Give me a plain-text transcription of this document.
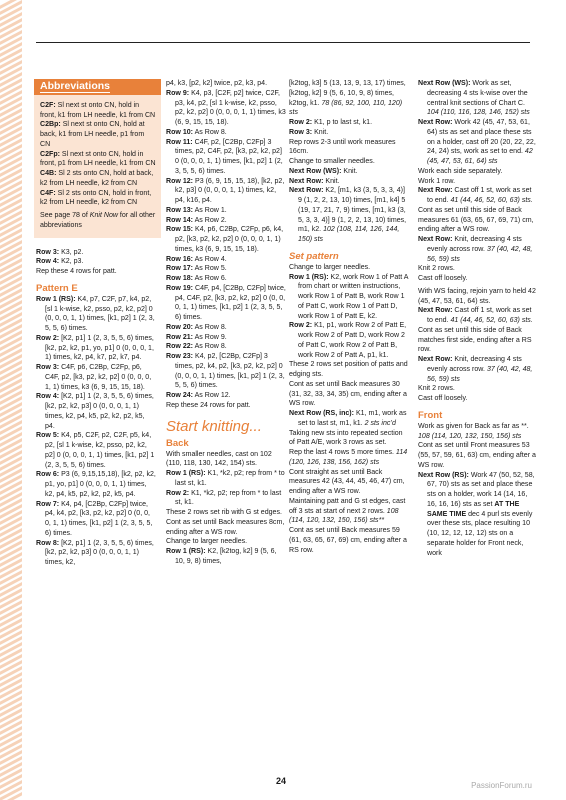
Abbreviations

C2F: Sl next st onto CN, hold in front, k1 from LH needle, k1 from CN

C2Bp: Sl next st onto CN, hold at back, k1 from LH needle, p1 from CN

C2Fp: Sl next st onto CN, hold in front, p1 from LH needle, k1 from CN

C4B: Sl 2 sts onto CN, hold at back, k2 from LH needle, k2 from CN

C4F: Sl 2 sts onto CN, hold in front, k2 from LH needle, k2 from CN

See page 78 of Knit Now for all other abbreviations

Row 3: K3, p2.

Row 4: K2, p3.

Rep these 4 rows for patt.

Pattern E

Row 1 (RS): K4, p7, C2F, p7, k4, p2, [sl 1 k-wise, k2, psso, p2, k2, p2] 0 (0, 0, 0, 1, 1) times, [k1, p2] 1 (2, 3, 5, 5, 6) times.

Row 2: [K2, p1] 1 (2, 3, 5, 5, 6) times, [k2, p2, k2, p1, yo, p1] 0 (0, 0, 0, 1, 1) times, k2, p4, k7, p2, k7, p4.

Row 3: C4F, p6, C2Bp, C2Fp, p6, C4F, p2, [k3, p2, k2, p2] 0 (0, 0, 0, 1, 1) times, k3 (6, 9, 15, 15, 18).

Row 4: [K2, p1] 1 (2, 3, 5, 5, 6) times, [k2, p2, k2, p3] 0 (0, 0, 0, 1, 1) times, k2, p4, k5, p2, k2, p2, k5, p4.

Row 5: K4, p5, C2F, p2, C2F, p5, k4, p2, [sl 1 k-wise, k2, psso, p2, k2, p2] 0 (0, 0, 0, 1, 1) times, [k1, p2] 1 (2, 3, 5, 5, 6) times.

Row 6: P3 (6, 9,15,15,18), [k2, p2, k2, p1, yo, p1] 0 (0, 0, 0, 1, 1) times, k2, p4, k5, p2, k2, p2, k5, p4.

Row 7: K4, p4, [C2Bp, C2Fp] twice, p4, k4, p2, [k3, p2, k2, p2] 0 (0, 0, 0, 1, 1) times, [k1, p2] 1 (2, 3, 5, 5, 6) times.

Row 8: [K2, p1] 1 (2, 3, 5, 5, 6) times, [k2, p2, k2, p3] 0 (0, 0, 0, 1, 1) times, k2,

p4, k3, [p2, k2] twice, p2, k3, p4.

Row 9: K4, p3, [C2F, p2] twice, C2F, p3, k4, p2, [sl 1 k-wise, k2, psso, p2, k2, p2] 0 (0, 0, 0, 1, 1) times, k3 (6, 9, 15, 15, 18).

Row 10: As Row 8.

Row 11: C4F, p2, [C2Bp, C2Fp] 3 times, p2, C4F, p2, [k3, p2, k2, p2] 0 (0, 0, 0, 1, 1) times, [k1, p2] 1 (2, 3, 5, 5, 6) times.

Row 12: P3 (6, 9, 15, 15, 18), [k2, p2, k2, p3] 0 (0, 0, 0, 1, 1) times, k2, p4, k16, p4.

Row 13: As Row 1.

Row 14: As Row 2.

Row 15: K4, p6, C2Bp, C2Fp, p6, k4, p2, [k3, p2, k2, p2] 0 (0, 0, 0, 1, 1) times, k3 (6, 9, 15, 15, 18).

Row 16: As Row 4.

Row 17: As Row 5.

Row 18: As Row 6.

Row 19: C4F, p4, [C2Bp, C2Fp] twice, p4, C4F, p2, [k3, p2, k2, p2] 0 (0, 0, 0, 1, 1) times, [k1, p2] 1 (2, 3, 5, 5, 6) times.

Row 20: As Row 8.

Row 21: As Row 9.

Row 22: As Row 8.

Row 23: K4, p2, [C2Bp, C2Fp] 3 times, p2, k4, p2, [k3, p2, k2, p2] 0 (0, 0, 0, 1, 1) times, [k1, p2] 1 (2, 3, 5, 5, 6) times.

Row 24: As Row 12.

Rep these 24 rows for patt.

Start knitting...
Back

With smaller needles, cast on 102 (110, 118, 130, 142, 154) sts.

Row 1 (RS): K1, *k2, p2; rep from * to last st, k1.

Row 2: K1, *k2, p2; rep from * to last st, k1.

These 2 rows set rib with G st edges.

Cont as set until Back measures 8cm, ending after a WS row.

Change to larger needles.

Row 1 (RS): K2, [k2tog, k2] 9 (5, 6, 10, 9, 8) times,

[k2tog, k3] 5 (13, 13, 9, 13, 17) times, [k2tog, k2] 9 (5, 6, 10, 9, 8) times, k2tog, k1. 78 (86, 92, 100, 110, 120) sts

Row 2: K1, p to last st, k1.

Row 3: Knit.

Rep rows 2-3 until work measures 16cm.

Change to smaller needles.

Next Row (WS): Knit.

Next Row: Knit.

Next Row: K2, [m1, k3 (3, 5, 3, 3, 4)] 9 (1, 2, 2, 13, 10) times, [m1, k4] 5 (19, 17, 21, 7, 9) times, [m1, k3 (3, 5, 3, 3, 4)] 9 (1, 2, 2, 13, 10) times, m1, k2. 102 (108, 114, 126, 144, 150) sts

Set pattern

Change to larger needles.

Row 1 (RS): K2, work Row 1 of Patt A from chart or written instructions, work Row 1 of Patt B, work Row 1 of Patt C, work Row 1 of Patt D, work Row 1 of Patt E, k2.

Row 2: K1, p1, work Row 2 of Patt E, work Row 2 of Patt D, work Row 2 of Patt C, work Row 2 of Patt B, work Row 2 of Patt A, p1, k1.

These 2 rows set position of patts and edging sts.

Cont as set until Back measures 30 (31, 32, 33, 34, 35) cm, ending after a WS row.

Next Row (RS, inc): K1, m1, work as set to last st, m1, k1. 2 sts inc’d

Taking new sts into repeated section of Patt A/E, work 3 rows as set.

Rep the last 4 rows 5 more times. 114 (120, 126, 138, 156, 162) sts

Cont straight as set until Back measures 42 (43, 44, 45, 46, 47) cm, ending after a WS row.

Maintaining patt and G st edges, cast off 3 sts at start of next 2 rows. 108 (114, 120, 132, 150, 156) sts**

Cont as set until Back measures 59 (61, 63, 65, 67, 69) cm, ending after a RS row.

Next Row (WS): Work as set, decreasing 4 sts k-wise over the central knit sections of Chart C. 104 (110, 116, 128, 146, 152) sts

Next Row: Work 42 (45, 47, 53, 61, 64) sts as set and place these sts on a holder, cast off 20 (20, 22, 22, 24, 24) sts, work as set to end. 42 (45, 47, 53, 61, 64) sts

Work each side separately.

Work 1 row.

Next Row: Cast off 1 st, work as set to end. 41 (44, 46, 52, 60, 63) sts.

Cont as set until this side of Back measures 61 (63, 65, 67, 69, 71) cm, ending after a WS row.

Next Row: Knit, decreasing 4 sts evenly across row. 37 (40, 42, 48, 56, 59) sts

Knit 2 rows.

Cast off loosely.

With WS facing, rejoin yarn to held 42 (45, 47, 53, 61, 64) sts.

Next Row: Cast off 1 st, work as set to end. 41 (44, 46, 52, 60, 63) sts.

Cont as set until this side of Back matches first side, ending after a RS row.

Next Row: Knit, decreasing 4 sts evenly across row. 37 (40, 42, 48, 56, 59) sts

Knit 2 rows.

Cast off loosely.

Front

Work as given for Back as far as **. 108 (114, 120, 132, 150, 156) sts

Cont as set until Front measures 53 (55, 57, 59, 61, 63) cm, ending after a WS row.

Next Row (RS): Work 47 (50, 52, 58, 67, 70) sts as set and place these sts on a holder, work 14 (14, 16, 16, 16, 16) sts as set AT THE SAME TIME dec 4 purl sts evenly over these sts, place resulting 10 (10, 12, 12, 12, 12) sts on a separate holder for Front neck, work

24	PassionForum.ru
